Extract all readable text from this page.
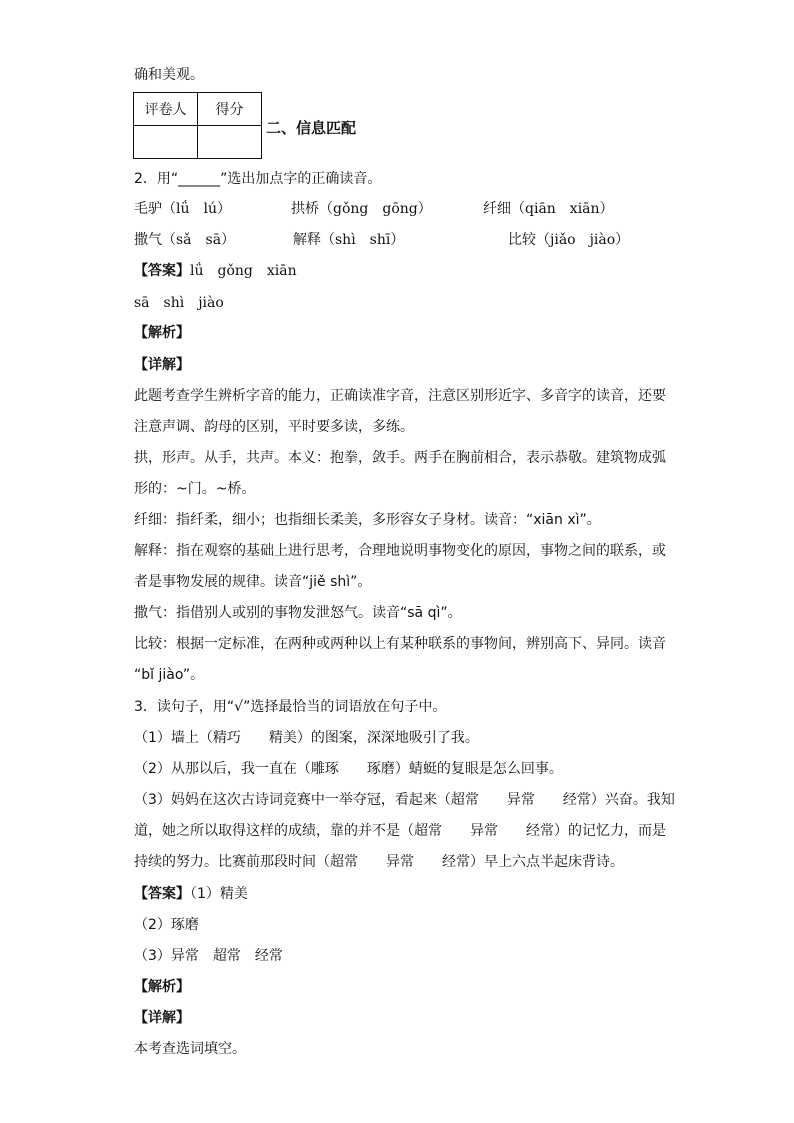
确和美观。
评卷人	得分

二、信息匹配
2．用“______”选出加点字的正确读音。
毛驴（lǘ　lú）	拱桥（gǒng　gōng）	纤细（qiān　xiān）
撒气（sǎ　sā）	解释（shì　shī）	比较（jiǎo　jiào）
【答案】lǘ　gǒng　xiān
sā　shì　jiào
【解析】
【详解】
此题考查学生辨析字音的能力，正确读准字音，注意区别形近字、多音字的读音，还要
注意声调、韵母的区别，平时要多读，多练。
拱，形声。从手，共声。本义：抱拳，敛手。两手在胸前相合，表示恭敬。建筑物成弧
形的：~门。~桥。
纤细：指纤柔，细小；也指细长柔美，多形容女子身材。读音：“xiān xì”。
解释：指在观察的基础上进行思考，合理地说明事物变化的原因，事物之间的联系，或
者是事物发展的规律。读音“jiě shì”。
撒气：指借别人或别的事物发泄怒气。读音“sā qì”。
比较：根据一定标准，在两种或两种以上有某种联系的事物间，辨别高下、异同。读音
“bǐ jiào”。
3．读句子，用“√”选择最恰当的词语放在句子中。
（1）墙上（精巧　　精美）的图案，深深地吸引了我。
（2）从那以后，我一直在（雕琢　　琢磨）蜻蜓的复眼是怎么回事。
（3）妈妈在这次古诗词竞赛中一举夺冠，看起来（超常　　异常　　经常）兴奋。我知
道，她之所以取得这样的成绩，靠的并不是（超常　　异常　　经常）的记忆力，而是
持续的努力。比赛前那段时间（超常　　异常　　经常）早上六点半起床背诗。
【答案】（1）精美
（2）琢磨
（3）异常　超常　经常
【解析】
【详解】
本考查选词填空。
